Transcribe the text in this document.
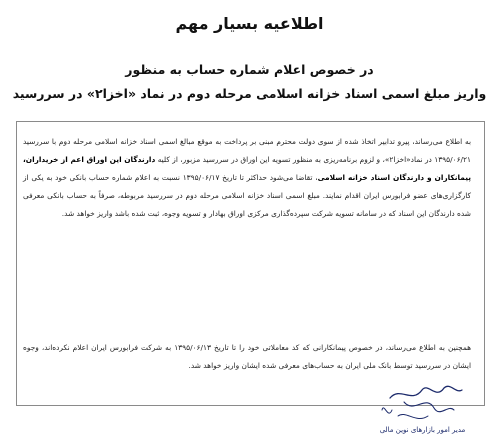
اطلاعیه بسیار مهم
در خصوص اعلام شماره حساب به منظور
واریز مبلغ اسمی اسناد خزانه اسلامی مرحله دوم در نماد «اخزا۲» در سررسید
به اطلاع می‌رساند، پیرو تدابیر اتخاذ شده از سوی دولت محترم مبنی بر پرداخت به موقع مبالغ اسمی اسناد خزانه اسلامی مرحله دوم با سررسید ۱۳۹۵/۰۶/۲۱ در نماد«اخزا۲»، و لزوم برنامه‌ریزی به منظور تسویه این اوراق در سررسید مزبور، از کلیه دارندگان این اوراق اعم از خریداران، پیمانکاران و دارندگان اسناد خزانه اسلامی، تقاضا می‌شود حداکثر تا تاریخ ۱۳۹۵/۰۶/۱۷ نسبت به اعلام شماره حساب بانکی خود به یکی از کارگزاری‌های عضو فرابورس ایران اقدام نمایند. مبلغ اسمی اسناد خزانه اسلامی مرحله دوم در سررسید مربوطه، صرفاً به حساب بانکی معرفی شده دارندگان این اسناد که در سامانه تسویه شرکت سپرده‌گذاری مرکزی اوراق بهادار و تسویه وجوه، ثبت شده باشد واریز خواهد شد.
همچنین به اطلاع می‌رساند، در خصوص پیمانکارانی که کد معاملاتی خود را تا تاریخ ۱۳۹۵/۰۶/۱۳ به شرکت فرابورس ایران اعلام نکرده‌اند، وجوه ایشان در سررسید توسط بانک ملی ایران به حساب‌های معرفی شده ایشان واریز خواهد شد.
مدیر امور بازارهای نوین مالی
